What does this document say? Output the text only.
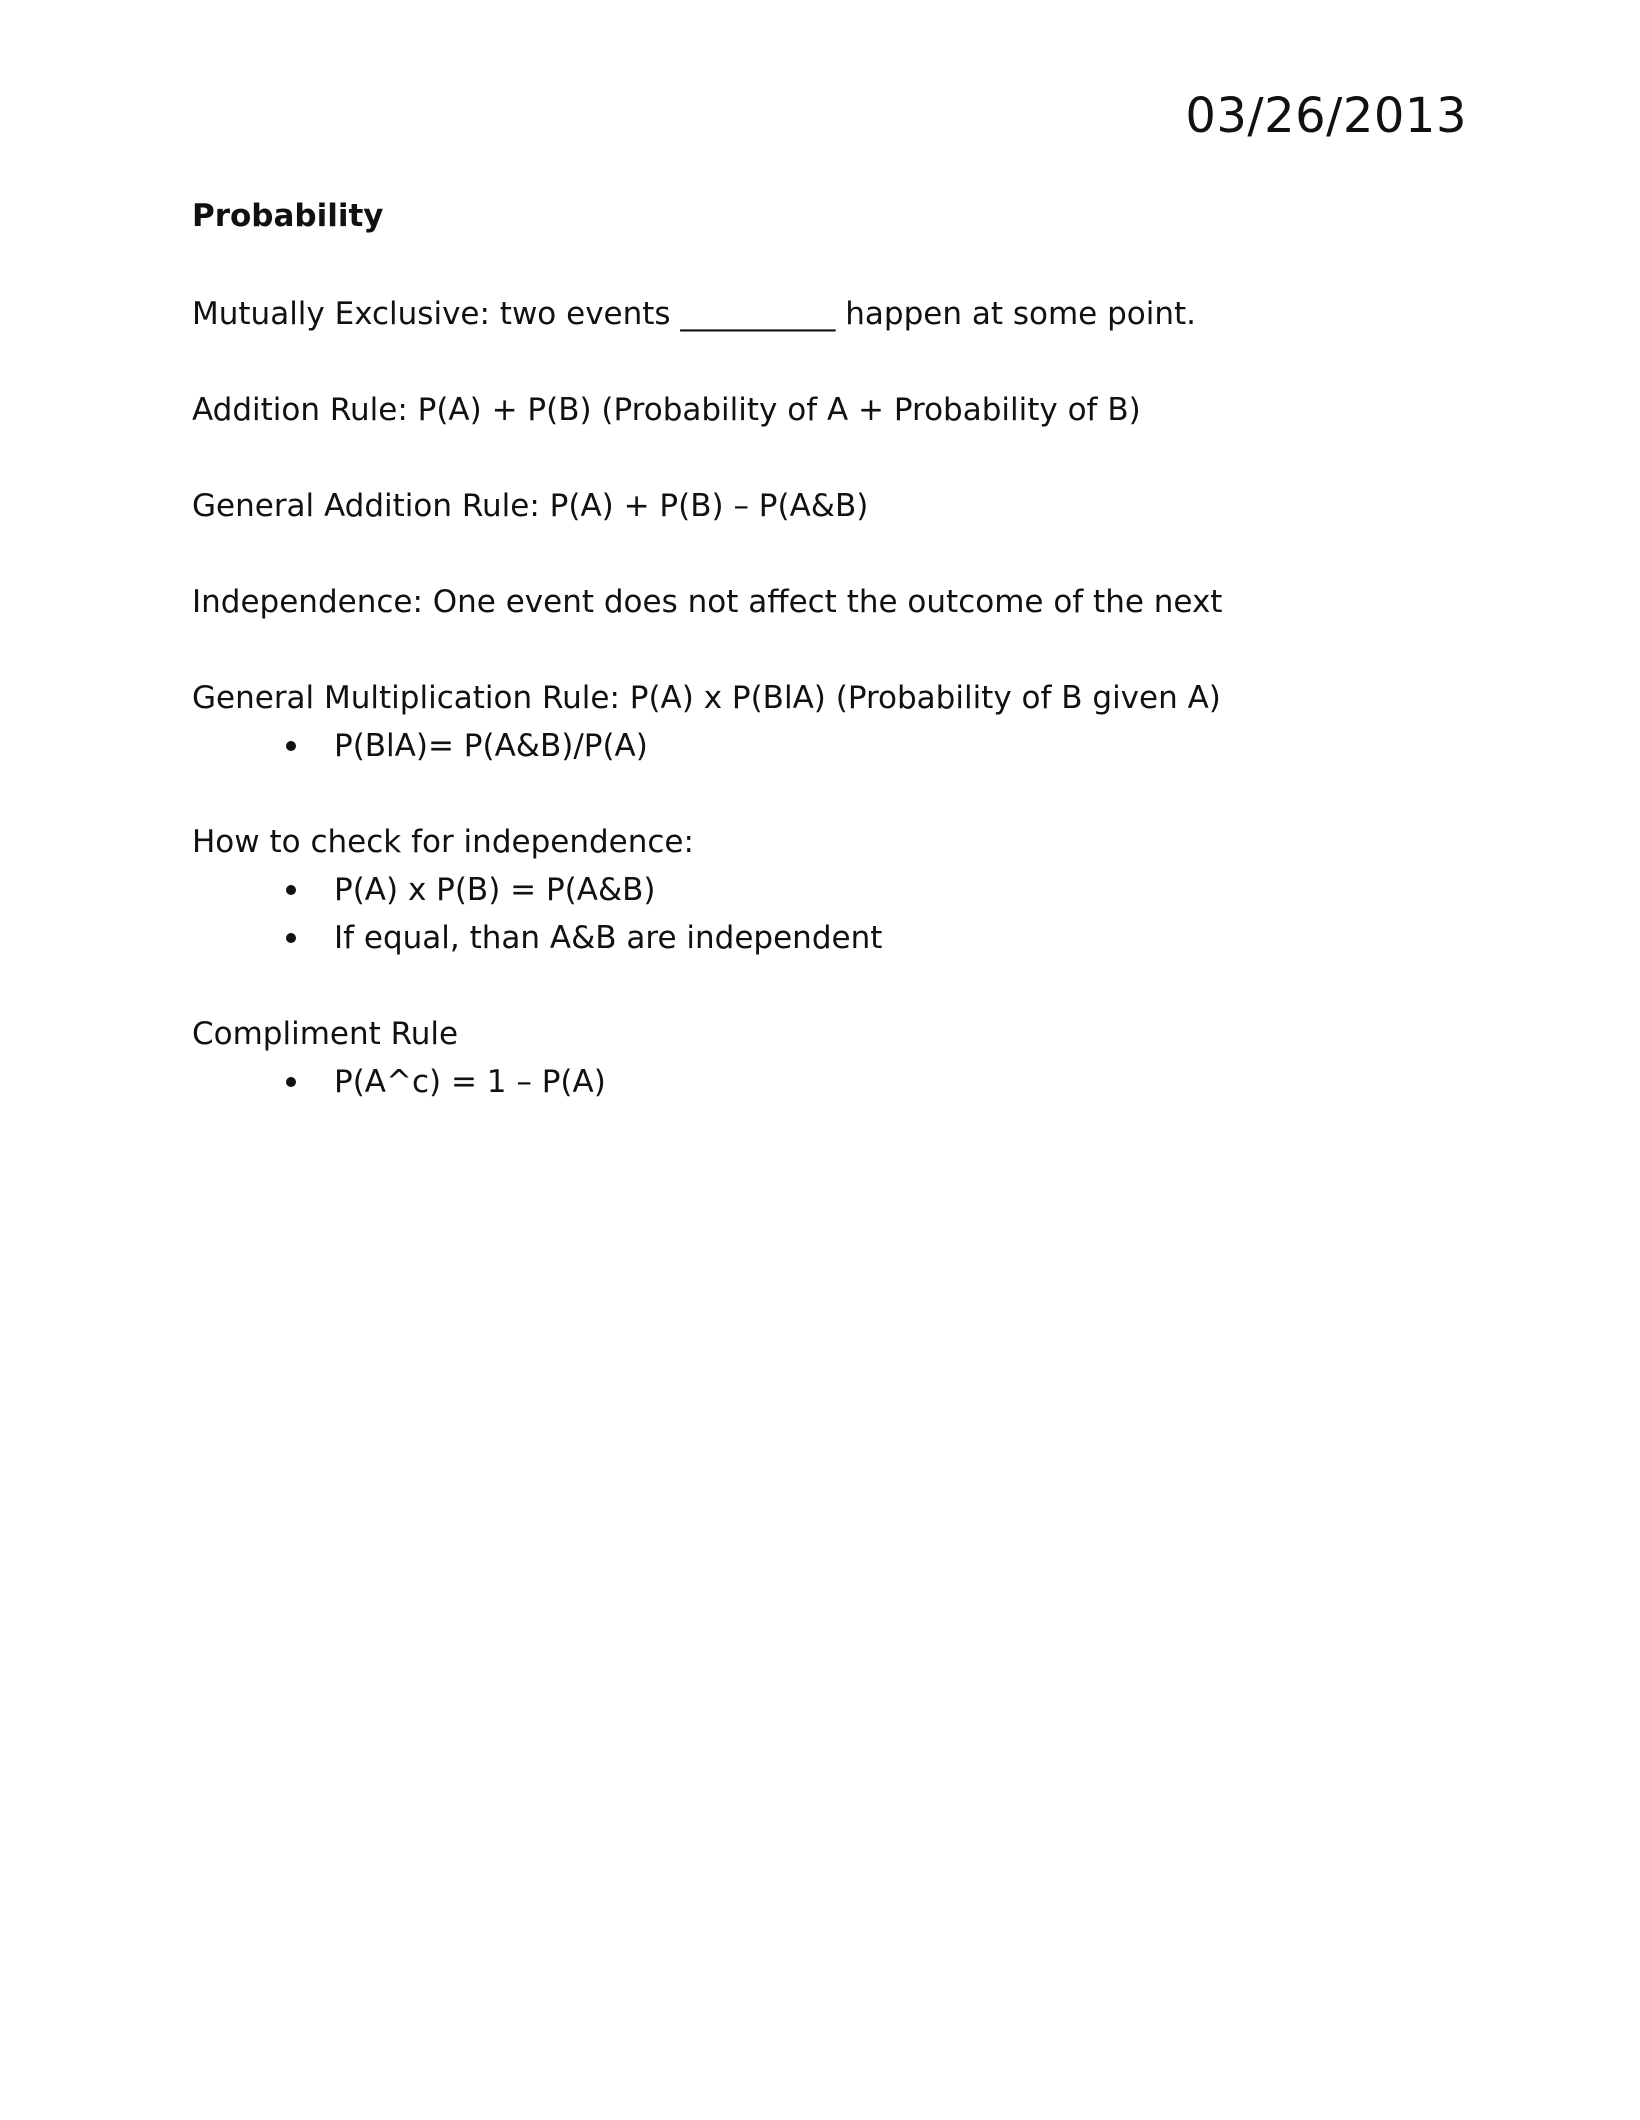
03/26/2013

Probability

Mutually Exclusive: two events __________ happen at some point.

Addition Rule: P(A) + P(B) (Probability of A + Probability of B)

General Addition Rule: P(A) + P(B) – P(A&B)

Independence: One event does not affect the outcome of the next

General Multiplication Rule: P(A) x P(BlA) (Probability of B given A)

P(BlA)= P(A&B)/P(A)

How to check for independence:

P(A) x P(B) = P(A&B)
If equal, than A&B are independent

Compliment Rule

P(A^c) = 1 – P(A)
